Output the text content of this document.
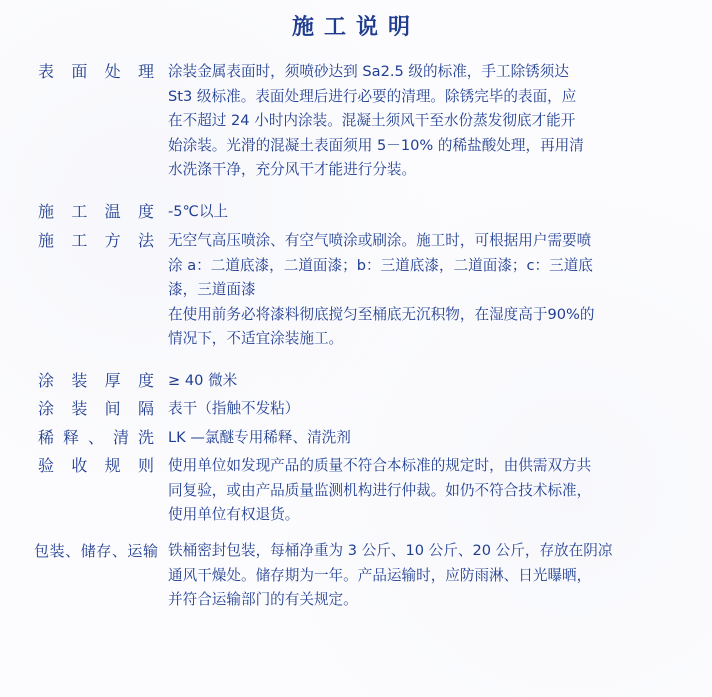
施工说明
表面处理 涂装金属表面时，须喷砂达到 Sa2.5 级的标准，手工除锈须达
St3 级标准。表面处理后进行必要的清理。除锈完毕的表面，应
在不超过 24 小时内涂装。混凝土须风干至水份蒸发彻底才能开
始涂装。光滑的混凝土表面须用 5－10% 的稀盐酸处理，再用清
水洗涤干净，充分风干才能进行分装。
施工温度 -5℃以上
施工方法 无空气高压喷涂、有空气喷涂或刷涂。施工时，可根据用户需要喷
涂 a：二道底漆，二道面漆；b：三道底漆，二道面漆；c：三道底
漆，三道面漆
在使用前务必将漆料彻底搅匀至桶底无沉积物，在湿度高于90%的
情况下，不适宜涂装施工。
涂装厚度 ≥ 40 微米
涂装间隔 表干（指触不发粘）
稀释、清洗 LK —氯醚专用稀释、清洗剂
验收规则 使用单位如发现产品的质量不符合本标准的规定时，由供需双方共
同复验，或由产品质量监测机构进行仲裁。如仍不符合技术标准，
使用单位有权退货。
包装、储存、运输 铁桶密封包装，每桶净重为 3 公斤、10 公斤、20 公斤，存放在阴凉
通风干燥处。储存期为一年。产品运输时，应防雨淋、日光曝晒，
并符合运输部门的有关规定。
